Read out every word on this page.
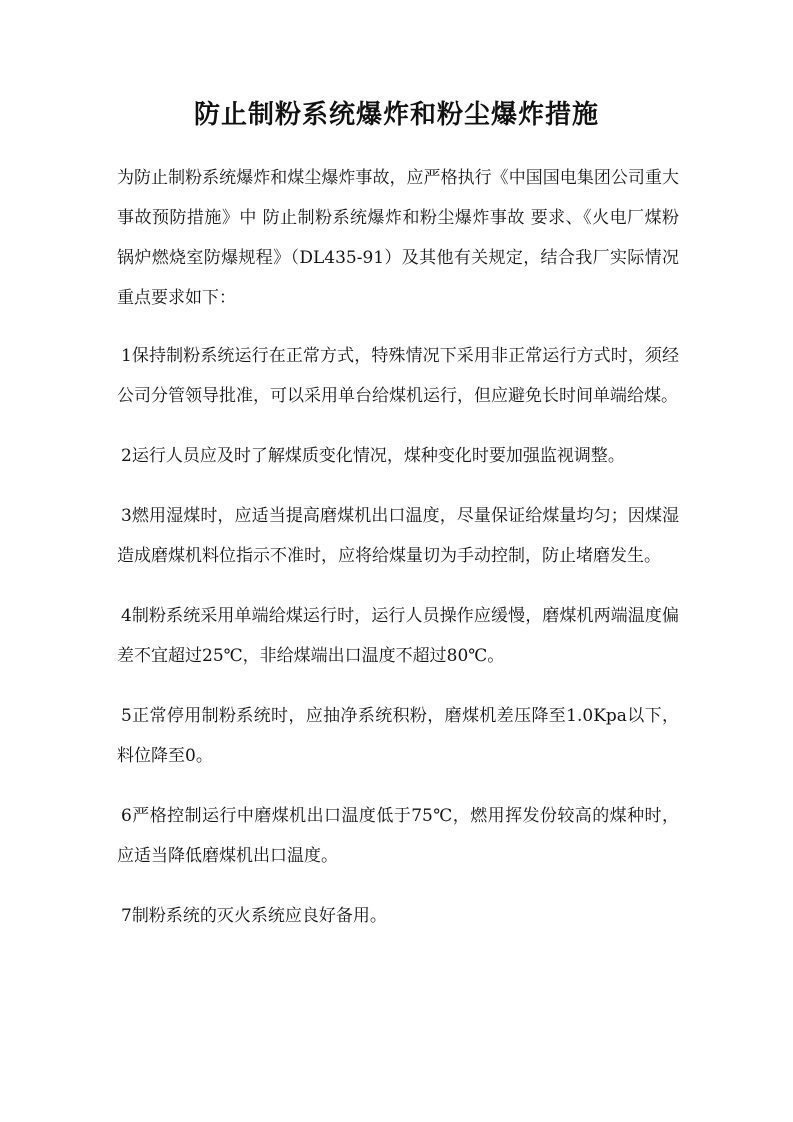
防止制粉系统爆炸和粉尘爆炸措施

为防止制粉系统爆炸和煤尘爆炸事故，应严格执行《中国国电集团公司重大事故预防措施》中 防止制粉系统爆炸和粉尘爆炸事故 要求、《火电厂煤粉锅炉燃烧室防爆规程》（DL435-91）及其他有关规定，结合我厂实际情况重点要求如下：

1保持制粉系统运行在正常方式，特殊情况下采用非正常运行方式时，须经公司分管领导批准，可以采用单台给煤机运行，但应避免长时间单端给煤。

2运行人员应及时了解煤质变化情况，煤种变化时要加强监视调整。

3燃用湿煤时，应适当提高磨煤机出口温度，尽量保证给煤量均匀；因煤湿造成磨煤机料位指示不准时，应将给煤量切为手动控制，防止堵磨发生。

4制粉系统采用单端给煤运行时，运行人员操作应缓慢，磨煤机两端温度偏差不宜超过25℃，非给煤端出口温度不超过80℃。

5正常停用制粉系统时，应抽净系统积粉，磨煤机差压降至1.0Kpa以下，料位降至0。

6严格控制运行中磨煤机出口温度低于75℃，燃用挥发份较高的煤种时，应适当降低磨煤机出口温度。

7制粉系统的灭火系统应良好备用。
